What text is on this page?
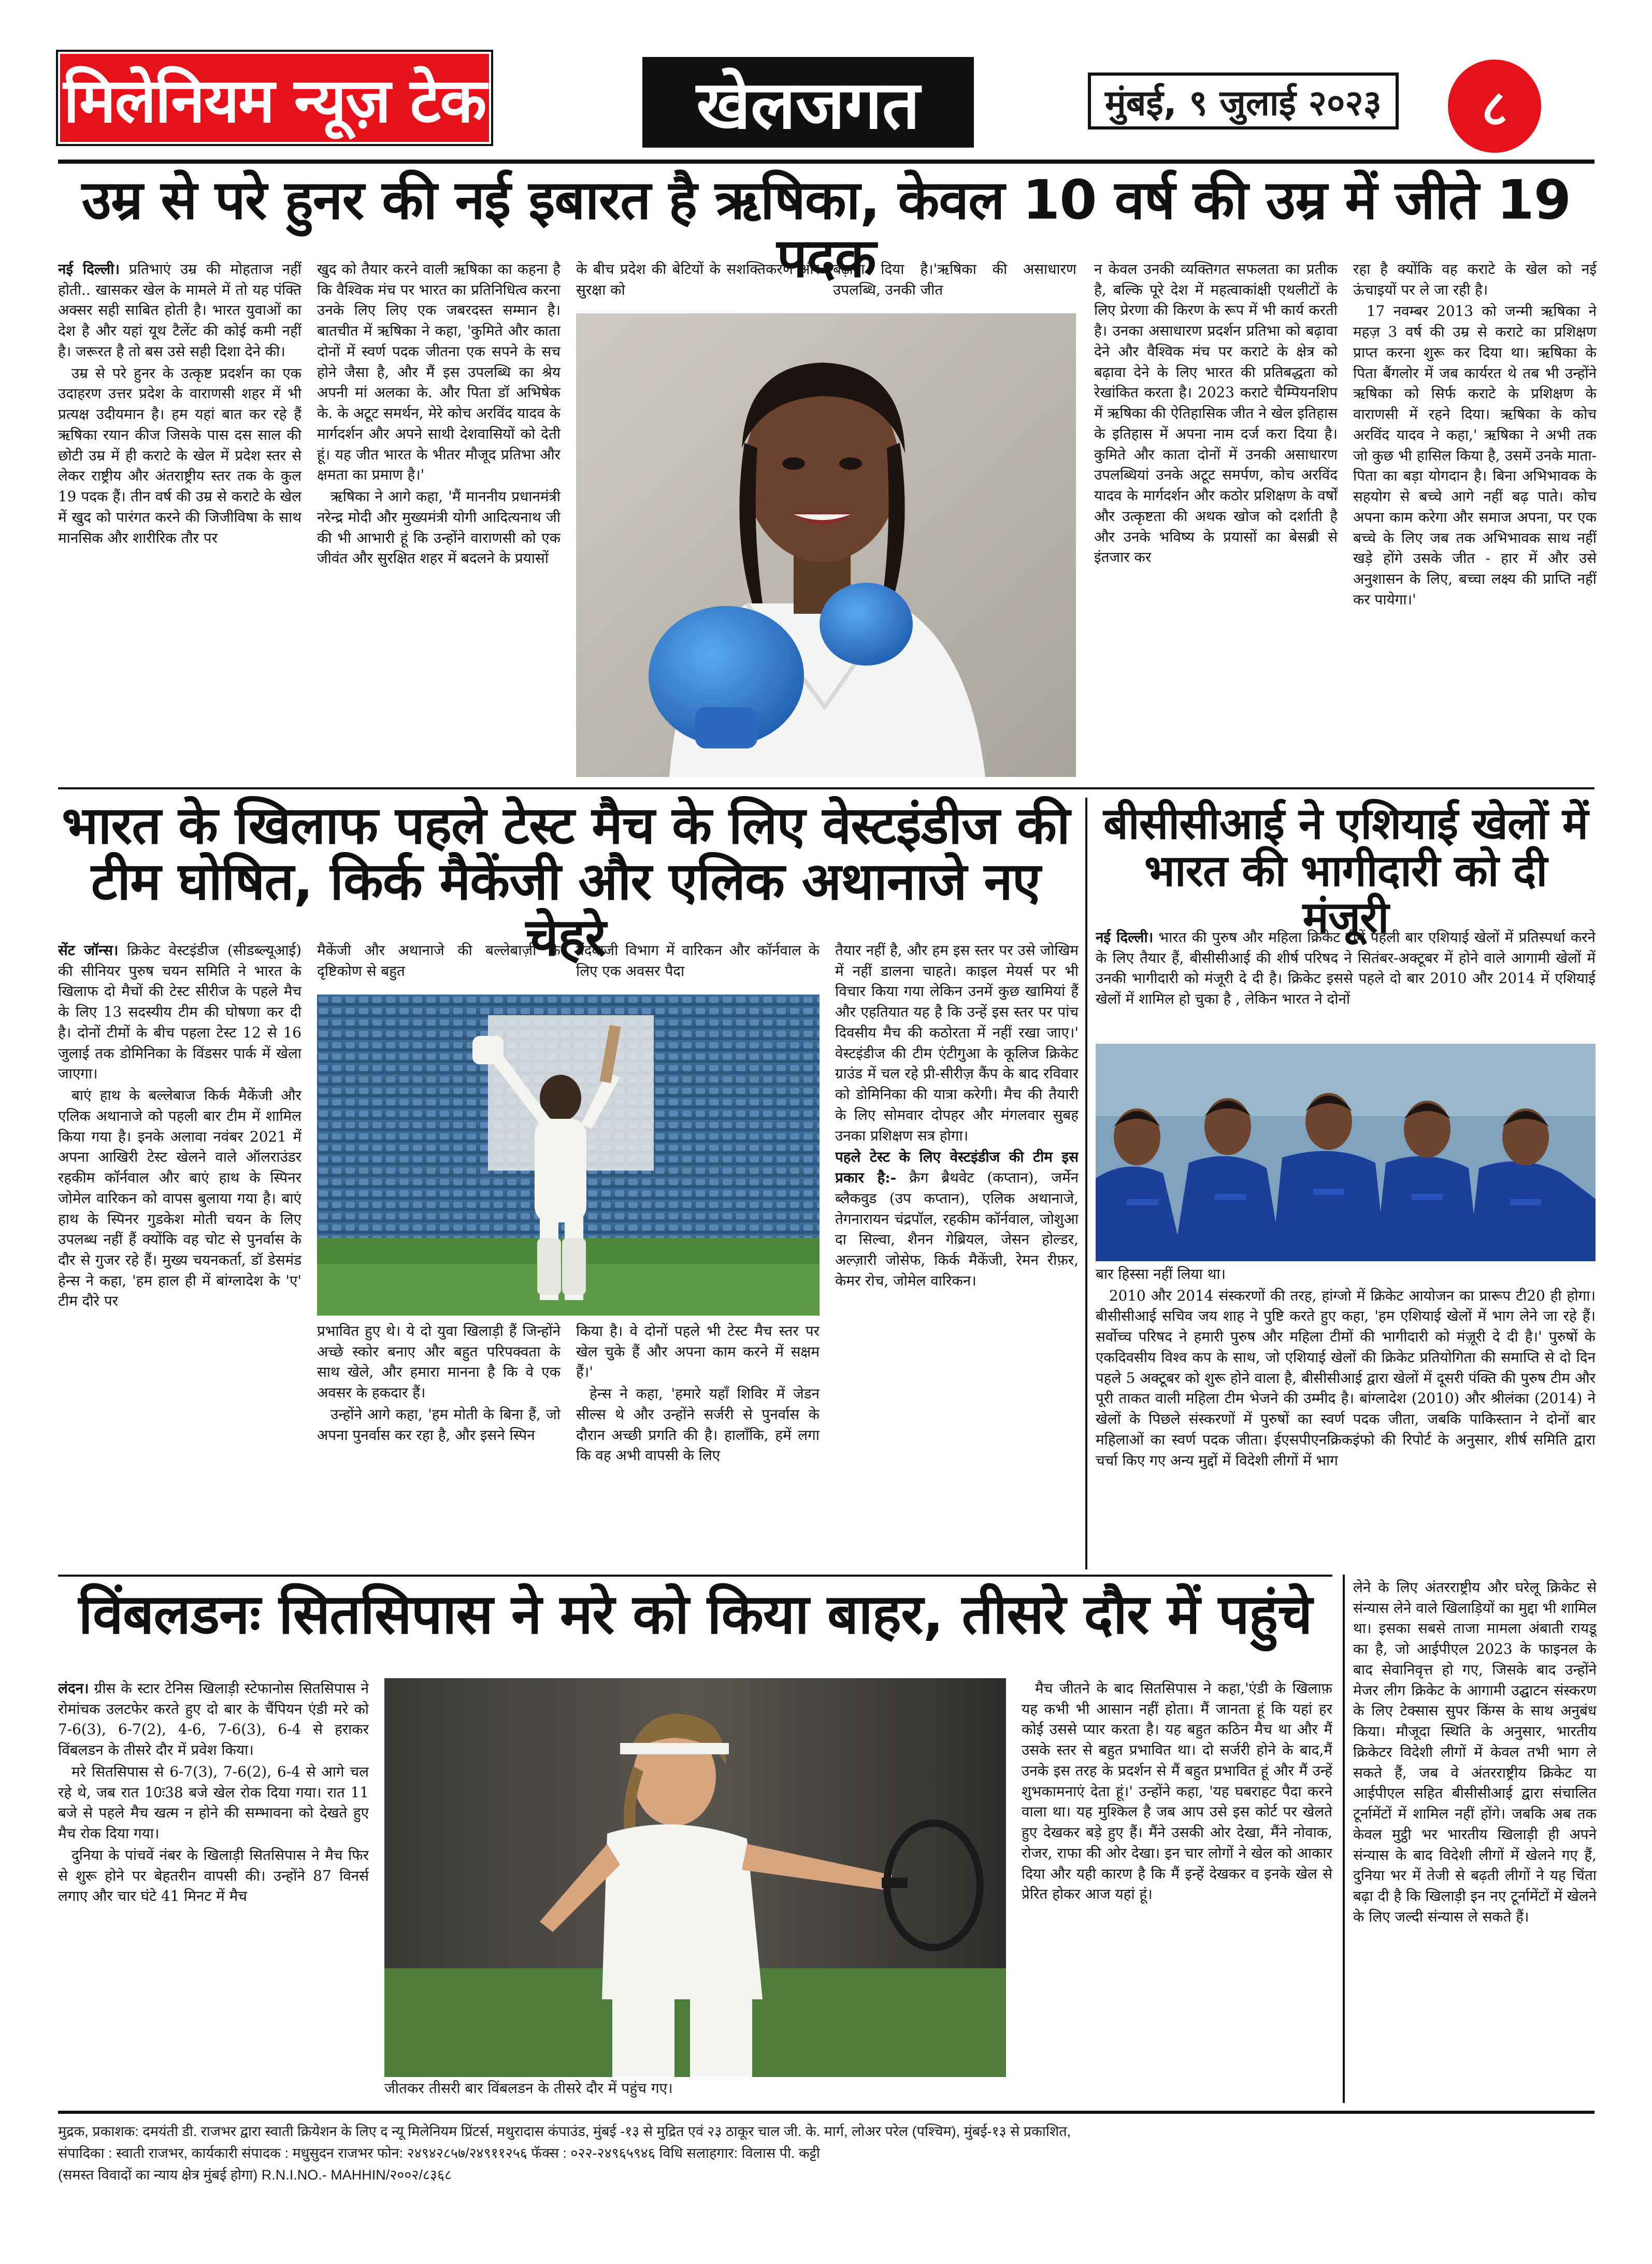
मिलेनियम न्यूज़ टेक	खेलजगत	मुंबई, ९ जुलाई २०२३	८
उम्र से परे हुनर की नई इबारत है ऋषिका, केवल 10 वर्ष की उम्र में जीते 19 पदक

नई दिल्ली। प्रतिभाएं उम्र की मोहताज नहीं होती.. खासकर खेल के मामले में तो यह पंक्ति अक्सर सही साबित होती है। भारत युवाओं का देश है और यहां यूथ टैलेंट की कोई कमी नहीं है। जरूरत है तो बस उसे सही दिशा देने की।

उम्र से परे हुनर के उत्कृष्ट प्रदर्शन का एक उदाहरण उत्तर प्रदेश के वाराणसी शहर में भी प्रत्यक्ष उदीयमान है। हम यहां बात कर रहे हैं ऋषिका रयान कीज जिसके पास दस साल की छोटी उम्र में ही कराटे के खेल में प्रदेश स्तर से लेकर राष्ट्रीय और अंतराष्ट्रीय स्तर तक के कुल 19 पदक हैं। तीन वर्ष की उम्र से कराटे के खेल में खुद को पारंगत करने की जिजीविषा के साथ मानसिक और शारीरिक तौर पर

खुद को तैयार करने वाली ऋषिका का कहना है कि वैश्विक मंच पर भारत का प्रतिनिधित्व करना उनके लिए लिए एक जबरदस्त सम्मान है। बातचीत में ऋषिका ने कहा, 'कुमिते और काता दोनों में स्वर्ण पदक जीतना एक सपने के सच होने जैसा है, और मैं इस उपलब्धि का श्रेय अपनी मां अलका के. और पिता डॉ अभिषेक के. के अटूट समर्थन, मेरे कोच अरविंद यादव के मार्गदर्शन और अपने साथी देशवासियों को देती हूं। यह जीत भारत के भीतर मौजूद प्रतिभा और क्षमता का प्रमाण है।'

ऋषिका ने आगे कहा, 'मैं माननीय प्रधानमंत्री नरेन्द्र मोदी और मुख्यमंत्री योगी आदित्यनाथ जी की भी आभारी हूं कि उन्होंने वाराणसी को एक जीवंत और सुरक्षित शहर में बदलने के प्रयासों

के बीच प्रदेश की बेटियों के सशक्तिकरण और सुरक्षा को

बढ़ावा दिया है।'ऋषिका की असाधारण उपलब्धि, उनकी जीत

न केवल उनकी व्यक्तिगत सफलता का प्रतीक है, बल्कि पूरे देश में महत्वाकांक्षी एथलीटों के लिए प्रेरणा की किरण के रूप में भी कार्य करती है। उनका असाधारण प्रदर्शन प्रतिभा को बढ़ावा देने और वैश्विक मंच पर कराटे के क्षेत्र को बढ़ावा देने के लिए भारत की प्रतिबद्धता को रेखांकित करता है। 2023 कराटे चैम्पियनशिप में ऋषिका की ऐतिहासिक जीत ने खेल इतिहास के इतिहास में अपना नाम दर्ज करा दिया है। कुमिते और काता दोनों में उनकी असाधारण उपलब्धियां उनके अटूट समर्पण, कोच अरविंद यादव के मार्गदर्शन और कठोर प्रशिक्षण के वर्षों और उत्कृष्टता की अथक खोज को दर्शाती है और उनके भविष्य के प्रयासों का बेसब्री से इंतजार कर

रहा है क्योंकि वह कराटे के खेल को नई ऊंचाइयों पर ले जा रही है।

17 नवम्बर 2013 को जन्मी ऋषिका ने महज़ 3 वर्ष की उम्र से कराटे का प्रशिक्षण प्राप्त करना शुरू कर दिया था। ऋषिका के पिता बैंगलोर में जब कार्यरत थे तब भी उन्होंने ऋषिका को सिर्फ कराटे के प्रशिक्षण के वाराणसी में रहने दिया। ऋषिका के कोच अरविंद यादव ने कहा,' ऋषिका ने अभी तक जो कुछ भी हासिल किया है, उसमें उनके माता-पिता का बड़ा योगदान है। बिना अभिभावक के सहयोग से बच्चे आगे नहीं बढ़ पाते। कोच अपना काम करेगा और समाज अपना, पर एक बच्चे के लिए जब तक अभिभावक साथ नहीं खड़े होंगे उसके जीत - हार में और उसे अनुशासन के लिए, बच्चा लक्ष्य की प्राप्ति नहीं कर पायेगा।'

भारत के खिलाफ पहले टेस्ट मैच के लिए वेस्टइंडीज की
टीम घोषित, किर्क मैकेंजी और एलिक अथानाजे नए चेहरे

सेंट जॉन्स। क्रिकेट वेस्टइंडीज (सीडब्ल्यूआई) की सीनियर पुरुष चयन समिति ने भारत के खिलाफ दो मैचों की टेस्ट सीरीज के पहले मैच के लिए 13 सदस्यीय टीम की घोषणा कर दी है। दोनों टीमों के बीच पहला टेस्ट 12 से 16 जुलाई तक डोमिनिका के विंडसर पार्क में खेला जाएगा।

बाएं हाथ के बल्लेबाज किर्क मैकेंजी और एलिक अथानाजे को पहली बार टीम में शामिल किया गया है। इनके अलावा नवंबर 2021 में अपना आखिरी टेस्ट खेलने वाले ऑलराउंडर रहकीम कॉर्नवाल और बाएं हाथ के स्पिनर जोमेल वारिकन को वापस बुलाया गया है। बाएं हाथ के स्पिनर गुडकेश मोती चयन के लिए उपलब्ध नहीं हैं क्योंकि वह चोट से पुनर्वास के दौर से गुजर रहे हैं। मुख्य चयनकर्ता, डॉ डेसमंड हेन्स ने कहा, 'हम हाल ही में बांग्लादेश के 'ए' टीम दौरे पर

मैकेंजी और अथानाजे की बल्लेबाज़ी के दृष्टिकोण से बहुत

गेंदबाजी विभाग में वारिकन और कॉर्नवाल के लिए एक अवसर पैदा

प्रभावित हुए थे। ये दो युवा खिलाड़ी हैं जिन्होंने अच्छे स्कोर बनाए और बहुत परिपक्वता के साथ खेले, और हमारा मानना है कि वे एक अवसर के हकदार हैं।

उन्होंने आगे कहा, 'हम मोती के बिना हैं, जो अपना पुनर्वास कर रहा है, और इसने स्पिन

किया है। वे दोनों पहले भी टेस्ट मैच स्तर पर खेल चुके हैं और अपना काम करने में सक्षम हैं।'

हेन्स ने कहा, 'हमारे यहाँ शिविर में जेडन सील्स थे और उन्होंने सर्जरी से पुनर्वास के दौरान अच्छी प्रगति की है। हालाँकि, हमें लगा कि वह अभी वापसी के लिए

तैयार नहीं है, और हम इस स्तर पर उसे जोखिम में नहीं डालना चाहते। काइल मेयर्स पर भी विचार किया गया लेकिन उनमें कुछ खामियां हैं और एहतियात यह है कि उन्हें इस स्तर पर पांच दिवसीय मैच की कठोरता में नहीं रखा जाए।' वेस्टइंडीज की टीम एंटीगुआ के कूलिज क्रिकेट ग्राउंड में चल रहे प्री-सीरीज़ कैंप के बाद रविवार को डोमिनिका की यात्रा करेगी। मैच की तैयारी के लिए सोमवार दोपहर और मंगलवार सुबह उनका प्रशिक्षण सत्र होगा।

पहले टेस्ट के लिए वेस्टइंडीज की टीम इस प्रकार है:- क्रैग ब्रैथवेट (कप्तान), जर्मेन ब्लैकवुड (उप कप्तान), एलिक अथानाजे, तेगनारायन चंद्रपॉल, रहकीम कॉर्नवाल, जोशुआ दा सिल्वा, शैनन गेब्रियल, जेसन होल्डर, अल्ज़ारी जोसेफ, किर्क मैकेंजी, रेमन रीफ़र, केमर रोच, जोमेल वारिकन।

बीसीसीआई ने एशियाई खेलों में
भारत की भागीदारी को दी मंजूरी

नई दिल्ली। भारत की पुरुष और महिला क्रिकेट टीमें पहली बार एशियाई खेलों में प्रतिस्पर्धा करने के लिए तैयार हैं, बीसीसीआई की शीर्ष परिषद ने सितंबर-अक्टूबर में होने वाले आगामी खेलों में उनकी भागीदारी को मंजूरी दे दी है। क्रिकेट इससे पहले दो बार 2010 और 2014 में एशियाई खेलों में शामिल हो चुका है , लेकिन भारत ने दोनों

बार हिस्सा नहीं लिया था।

2010 और 2014 संस्करणों की तरह, हांग्जो में क्रिकेट आयोजन का प्रारूप टी20 ही होगा। बीसीसीआई सचिव जय शाह ने पुष्टि करते हुए कहा, 'हम एशियाई खेलों में भाग लेने जा रहे हैं।सर्वोच्च परिषद ने हमारी पुरुष और महिला टीमों की भागीदारी को मंज़ूरी दे दी है।' पुरुषों के एकदिवसीय विश्व कप के साथ, जो एशियाई खेलों की क्रिकेट प्रतियोगिता की समाप्ति से दो दिन पहले 5 अक्टूबर को शुरू होने वाला है, बीसीसीआई द्वारा खेलों में दूसरी पंक्ति की पुरुष टीम और पूरी ताकत वाली महिला टीम भेजने की उम्मीद है। बांग्लादेश (2010) और श्रीलंका (2014) ने खेलों के पिछले संस्करणों में पुरुषों का स्वर्ण पदक जीता, जबकि पाकिस्तान ने दोनों बार महिलाओं का स्वर्ण पदक जीता। ईएसपीएनक्रिकइंफो की रिपोर्ट के अनुसार, शीर्ष समिति द्वारा चर्चा किए गए अन्य मुद्दों में विदेशी लीगों में भाग

विंबलडनः सितसिपास ने मरे को किया बाहर, तीसरे दौर में पहुंचे

लंदन। ग्रीस के स्टार टेनिस खिलाड़ी स्टेफानोस सितसिपास ने रोमांचक उलटफेर करते हुए दो बार के चैंपियन एंडी मरे को 7-6(3), 6-7(2), 4-6, 7-6(3), 6-4 से हराकर विंबलडन के तीसरे दौर में प्रवेश किया।

मरे सितसिपास से 6-7(3), 7-6(2), 6-4 से आगे चल रहे थे, जब रात 10ः38 बजे खेल रोक दिया गया। रात 11 बजे से पहले मैच खत्म न होने की सम्भावना को देखते हुए मैच रोक दिया गया।

दुनिया के पांचवें नंबर के खिलाड़ी सितसिपास ने मैच फिर से शुरू होने पर बेहतरीन वापसी की। उन्होंने 87 विनर्स लगाए और चार घंटे 41 मिनट में मैच

जीतकर तीसरी बार विंबलडन के तीसरे दौर में पहुंच गए।

मैच जीतने के बाद सितसिपास ने कहा,'एंडी के खिलाफ़ यह कभी भी आसान नहीं होता। मैं जानता हूं कि यहां हर कोई उससे प्यार करता है। यह बहुत कठिन मैच था और मैं उसके स्तर से बहुत प्रभावित था। दो सर्जरी होने के बाद,मैं उनके इस तरह के प्रदर्शन से मैं बहुत प्रभावित हूं और मैं उन्हें शुभकामनाएं देता हूं।' उन्होंने कहा, 'यह घबराहट पैदा करने वाला था। यह मुश्किल है जब आप उसे इस कोर्ट पर खेलते हुए देखकर बड़े हुए हैं। मैंने उसकी ओर देखा, मैंने नोवाक, रोजर, राफा की ओर देखा। इन चार लोगों ने खेल को आकार दिया और यही कारण है कि मैं इन्हें देखकर व इनके खेल से प्रेरित होकर आज यहां हूं।

लेने के लिए अंतरराष्ट्रीय और घरेलू क्रिकेट से संन्यास लेने वाले खिलाड़ियों का मुद्दा भी शामिल था। इसका सबसे ताजा मामला अंबाती रायडू का है, जो आईपीएल 2023 के फाइनल के बाद सेवानिवृत्त हो गए, जिसके बाद उन्होंने मेजर लीग क्रिकेट के आगामी उद्घाटन संस्करण के लिए टेक्सास सुपर किंग्स के साथ अनुबंध किया। मौजूदा स्थिति के अनुसार, भारतीय क्रिकेटर विदेशी लीगों में केवल तभी भाग ले सकते हैं, जब वे अंतरराष्ट्रीय क्रिकेट या आईपीएल सहित बीसीसीआई द्वारा संचालित टूर्नामेंटों में शामिल नहीं होंगे। जबकि अब तक केवल मुट्ठी भर भारतीय खिलाड़ी ही अपने संन्यास के बाद विदेशी लीगों में खेलने गए हैं, दुनिया भर में तेजी से बढ़ती लीगों ने यह चिंता बढ़ा दी है कि खिलाड़ी इन नए टूर्नामेंटों में खेलने के लिए जल्दी संन्यास ले सकते हैं।

मुद्रक, प्रकाशक: दमयंती डी. राजभर द्वारा स्वाती क्रियेशन के लिए द न्यू मिलेनियम प्रिंटर्स, मथुरादास कंपाउंड, मुंबई -१३ से मुद्रित एवं २३ ठाकूर चाल जी. के. मार्ग, लोअर परेल (पश्चिम), मुंबई-१३ से प्रकाशित,
संपादिका : स्वाती राजभर, कार्यकारी संपादक : मधुसुदन राजभर फोन: २४९४२८५७/२४९११२५६ फॅक्स : ०२२-२४९६५९४६ विधि सलाहगार: विलास पी. कट्टी
(समस्त विवादों का न्याय क्षेत्र मुंबई होगा) R.N.I.NO.- MAHHIN/२००२/८३६८
